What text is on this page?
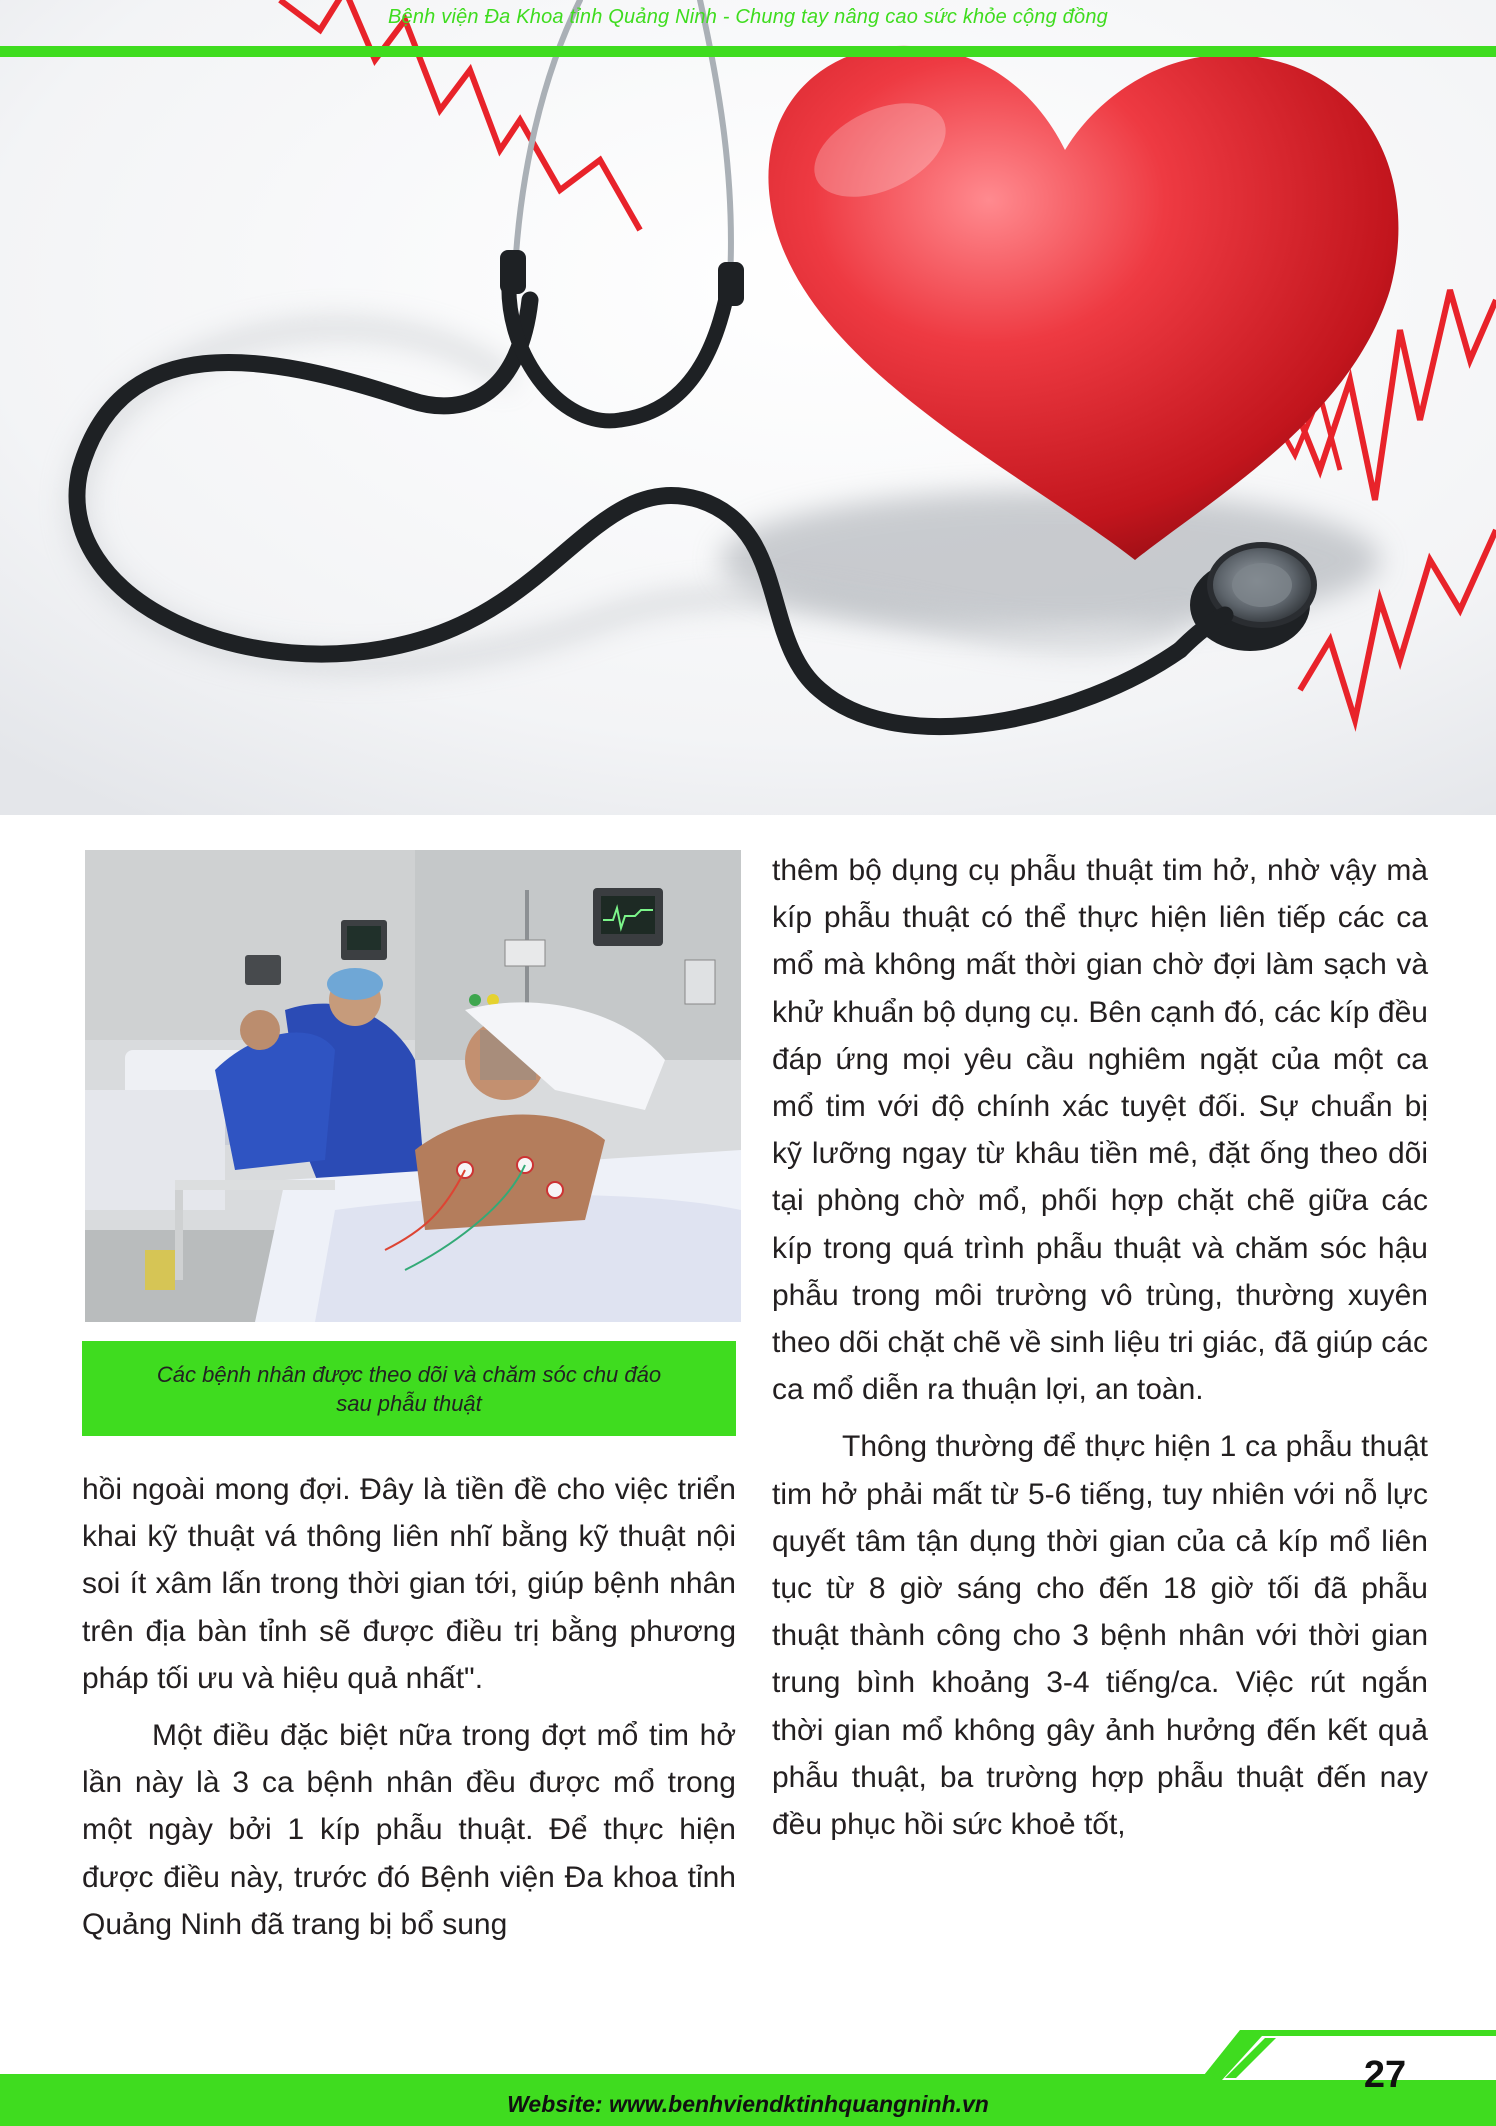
Bệnh viện Đa Khoa tỉnh Quảng Ninh - Chung tay nâng cao sức khỏe cộng đồng
Các bệnh nhân được theo dõi và chăm sóc chu đáo
sau phẫu thuật

hồi ngoài mong đợi. Đây là tiền đề cho việc triển khai kỹ thuật vá thông liên nhĩ bằng kỹ thuật nội soi ít xâm lấn trong thời gian tới, giúp bệnh nhân trên địa bàn tỉnh sẽ được điều trị bằng phương pháp tối ưu và hiệu quả nhất".

Một điều đặc biệt nữa trong đợt mổ tim hở lần này là 3 ca bệnh nhân đều được mổ trong một ngày bởi 1 kíp phẫu thuật. Để thực hiện được điều này, trước đó Bệnh viện Đa khoa tỉnh Quảng Ninh đã trang bị bổ sung

thêm bộ dụng cụ phẫu thuật tim hở, nhờ vậy mà kíp phẫu thuật có thể thực hiện liên tiếp các ca mổ mà không mất thời gian chờ đợi làm sạch và khử khuẩn bộ dụng cụ. Bên cạnh đó, các kíp đều đáp ứng mọi yêu cầu nghiêm ngặt của một ca mổ tim với độ chính xác tuyệt đối. Sự chuẩn bị kỹ lưỡng ngay từ khâu tiền mê, đặt ống theo dõi tại phòng chờ mổ, phối hợp chặt chẽ giữa các kíp trong quá trình phẫu thuật và chăm sóc hậu phẫu trong môi trường vô trùng, thường xuyên theo dõi chặt chẽ về sinh liệu tri giác, đã giúp các ca mổ diễn ra thuận lợi, an toàn.

Thông thường để thực hiện 1 ca phẫu thuật tim hở phải mất từ 5-6 tiếng, tuy nhiên với nỗ lực quyết tâm tận dụng thời gian của cả kíp mổ liên tục từ 8 giờ sáng cho đến 18 giờ tối đã phẫu thuật thành công cho 3 bệnh nhân với thời gian trung bình khoảng 3-4 tiếng/ca. Việc rút ngắn thời gian mổ không gây ảnh hưởng đến kết quả phẫu thuật, ba trường hợp phẫu thuật đến nay đều phục hồi sức khoẻ tốt,

27
Website: www.benhviendktinhquangninh.vn
